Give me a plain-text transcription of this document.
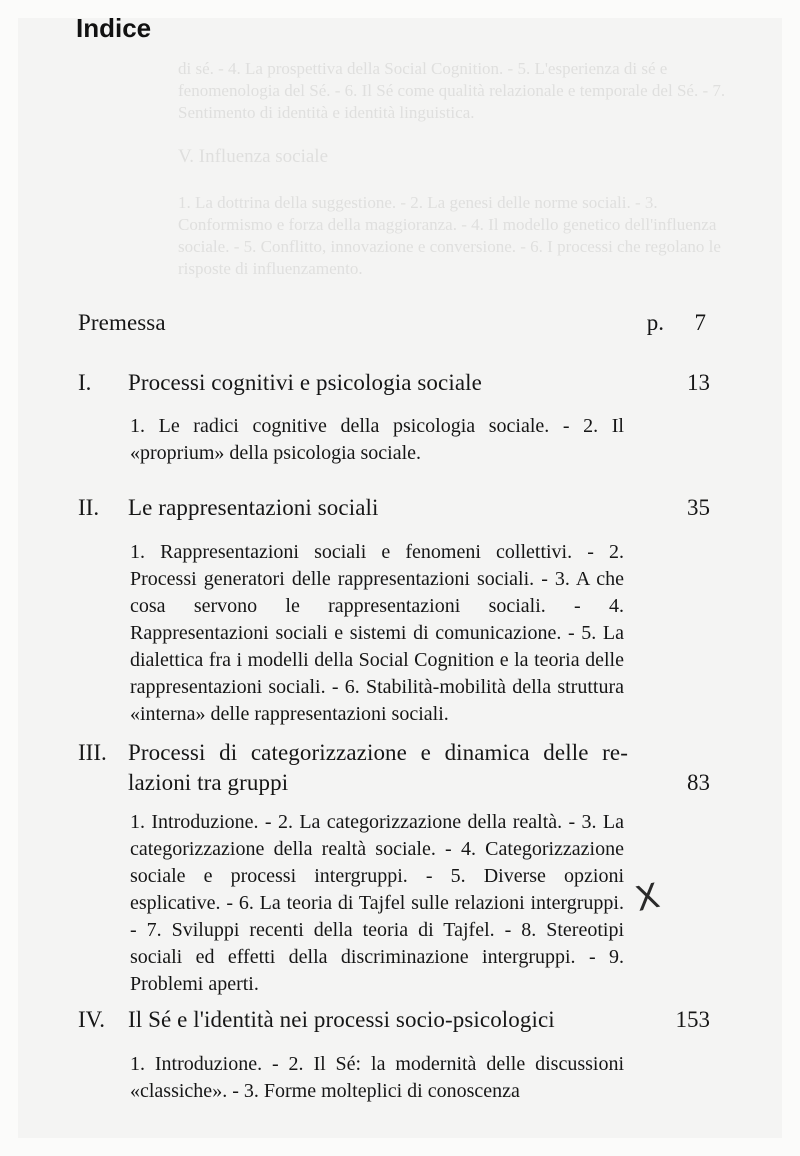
Indice

di sé. - 4. La prospettiva della Social Cognition. - 5. L'esperienza di sé e fenomenologia del Sé. - 6. Il Sé come qualità relazionale e temporale del Sé. - 7. Sentimento di identità e identità linguistica.

V. Influenza sociale

1. La dottrina della suggestione. - 2. La genesi delle norme sociali. - 3. Conformismo e forza della maggioranza. - 4. Il modello genetico dell'influenza sociale. - 5. Conflitto, innovazione e conversione. - 6. I processi che regolano le risposte di influenzamento.

Premessa	p.	7
I. Processi cognitivi e psicologia sociale	13
1. Le radici cognitive della psicologia sociale. - 2. Il «proprium» della psicologia sociale.
II. Le rappresentazioni sociali	35
1. Rappresentazioni sociali e fenomeni collettivi. - 2. Processi generatori delle rappresentazioni sociali. - 3. A che cosa servono le rappresentazioni sociali. - 4. Rappresentazioni sociali e sistemi di comunicazione. - 5. La dialettica fra i modelli della Social Cognition e la teoria delle rappresentazioni sociali. - 6. Stabilità-mobilità della struttura «interna» delle rappresentazioni sociali.
III. Processi di categorizzazione e dinamica delle re-
lazioni tra gruppi	83
1. Introduzione. - 2. La categorizzazione della realtà. - 3. La categorizzazione della realtà sociale. - 4. Categorizzazione sociale e processi intergruppi. - 5. Diverse opzioni esplicative. - 6. La teoria di Tajfel sulle relazioni intergruppi. - 7. Sviluppi recenti della teoria di Tajfel. - 8. Stereotipi sociali ed effetti della discriminazione intergruppi. - 9. Problemi aperti.
IV. Il Sé e l'identità nei processi socio-psicologici	153
1. Introduzione. - 2. Il Sé: la modernità delle discussioni «classiche». - 3. Forme molteplici di conoscenza
X
